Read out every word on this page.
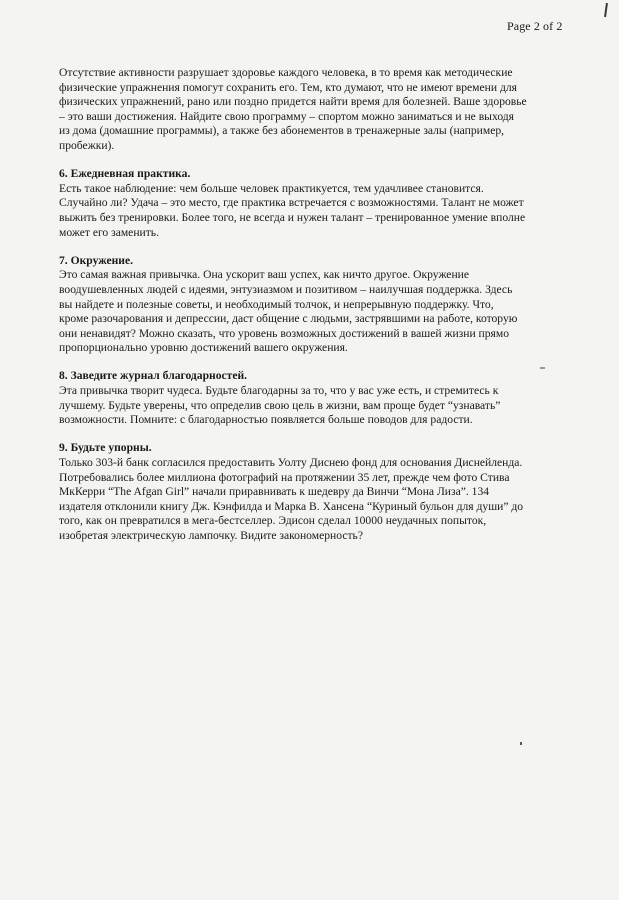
Page 2 of 2

Отсутствие активности разрушает здоровье каждого человека, в то время как методические

физические упражнения помогут сохранить его. Тем, кто думают, что не имеют времени для

физических упражнений, рано или поздно придется найти время для болезней. Ваше здоровье

– это ваши достижения. Найдите свою программу – спортом можно заниматься и не выходя

из дома (домашние программы), а также без абонементов в тренажерные залы (например,

пробежки).

6. Ежедневная практика.

Есть такое наблюдение: чем больше человек практикуется, тем удачливее становится.

Случайно ли? Удача – это место, где практика встречается с возможностями. Талант не может

выжить без тренировки. Более того, не всегда и нужен талант – тренированное умение вполне

может его заменить.

7. Окружение.

Это самая важная привычка. Она ускорит ваш успех, как ничто другое. Окружение

воодушевленных людей с идеями, энтузиазмом и позитивом – наилучшая поддержка. Здесь

вы найдете и полезные советы, и необходимый толчок, и непрерывную поддержку. Что,

кроме разочарования и депрессии, даст общение с людьми, застрявшими на работе, которую

они ненавидят? Можно сказать, что уровень возможных достижений в вашей жизни прямо

пропорционально уровню достижений вашего окружения.

8. Заведите журнал благодарностей.

Эта привычка творит чудеса. Будьте благодарны за то, что у вас уже есть, и стремитесь к

лучшему. Будьте уверены, что определив свою цель в жизни, вам проще будет “узнавать”

возможности. Помните: с благодарностью появляется больше поводов для радости.

9. Будьте упорны.

Только 303-й банк согласился предоставить Уолту Диснею фонд для основания Диснейленда.

Потребовались более миллиона фотографий на протяжении 35 лет, прежде чем фото Стива

МкКерри “The Afgan Girl” начали приравнивать к шедевру да Винчи “Мона Лиза”. 134

издателя отклонили книгу Дж. Кэнфилда и Марка В. Хансена “Куриный бульон для души” до

того, как он превратился в мега-бестселлер. Эдисон сделал 10000 неудачных попыток,

изобретая электрическую лампочку. Видите закономерность?
